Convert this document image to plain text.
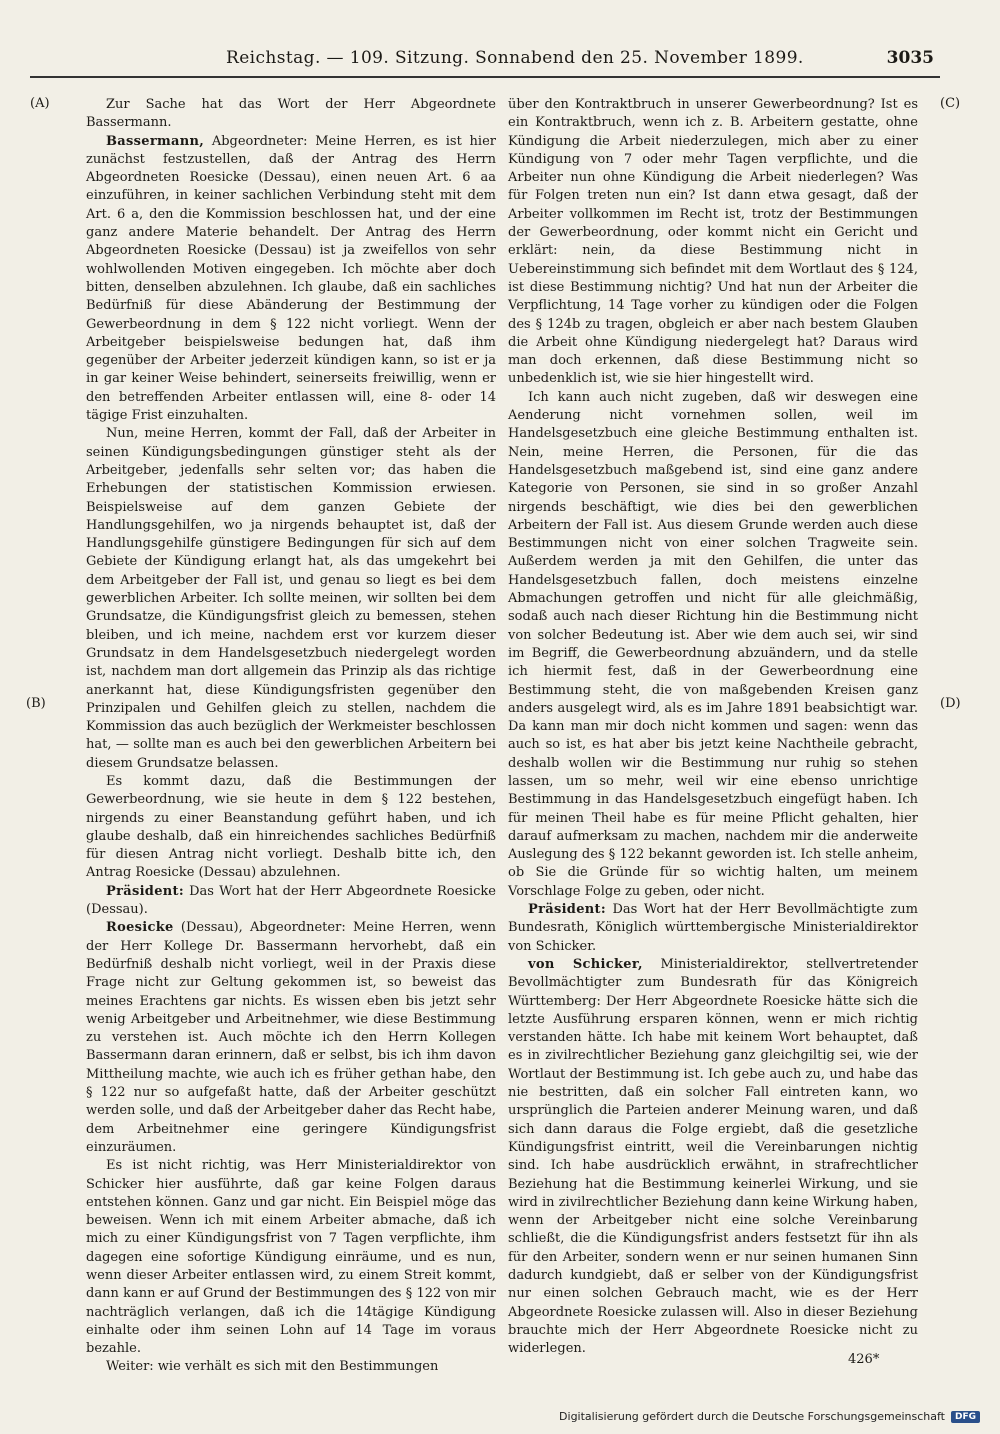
Reichstag. — 109. Sitzung. Sonnabend den 25. November 1899.	3035
(A)
(B)
(C)
(D)

Zur Sache hat das Wort der Herr Abgeordnete Bassermann.

Bassermann, Abgeordneter: Meine Herren, es ist hier zunächst festzustellen, daß der Antrag des Herrn Abgeordneten Roesicke (Dessau), einen neuen Art. 6 aa einzuführen, in keiner sachlichen Verbindung steht mit dem Art. 6 a, den die Kommission beschlossen hat, und der eine ganz andere Materie behandelt. Der Antrag des Herrn Abgeordneten Roesicke (Dessau) ist ja zweifellos von sehr wohlwollenden Motiven eingegeben. Ich möchte aber doch bitten, denselben abzulehnen. Ich glaube, daß ein sachliches Bedürfniß für diese Abänderung der Bestimmung der Gewerbeordnung in dem § 122 nicht vorliegt. Wenn der Arbeitgeber beispielsweise bedungen hat, daß ihm gegenüber der Arbeiter jederzeit kündigen kann, so ist er ja in gar keiner Weise behindert, seinerseits freiwillig, wenn er den betreffenden Arbeiter entlassen will, eine 8- oder 14 tägige Frist einzuhalten.

Nun, meine Herren, kommt der Fall, daß der Arbeiter in seinen Kündigungsbedingungen günstiger steht als der Arbeitgeber, jedenfalls sehr selten vor; das haben die Erhebungen der statistischen Kommission erwiesen. Beispielsweise auf dem ganzen Gebiete der Handlungsgehilfen, wo ja nirgends behauptet ist, daß der Handlungsgehilfe günstigere Bedingungen für sich auf dem Gebiete der Kündigung erlangt hat, als das umgekehrt bei dem Arbeitgeber der Fall ist, und genau so liegt es bei dem gewerblichen Arbeiter. Ich sollte meinen, wir sollten bei dem Grundsatze, die Kündigungsfrist gleich zu bemessen, stehen bleiben, und ich meine, nachdem erst vor kurzem dieser Grundsatz in dem Handelsgesetzbuch niedergelegt worden ist, nachdem man dort allgemein das Prinzip als das richtige anerkannt hat, diese Kündigungsfristen gegenüber den Prinzipalen und Gehilfen gleich zu stellen, nachdem die Kommission das auch bezüglich der Werkmeister beschlossen hat, — sollte man es auch bei den gewerblichen Arbeitern bei diesem Grundsatze belassen.

Es kommt dazu, daß die Bestimmungen der Gewerbeordnung, wie sie heute in dem § 122 bestehen, nirgends zu einer Beanstandung geführt haben, und ich glaube deshalb, daß ein hinreichendes sachliches Bedürfniß für diesen Antrag nicht vorliegt. Deshalb bitte ich, den Antrag Roesicke (Dessau) abzulehnen.

Präsident: Das Wort hat der Herr Abgeordnete Roesicke (Dessau).

Roesicke (Dessau), Abgeordneter: Meine Herren, wenn der Herr Kollege Dr. Bassermann hervorhebt, daß ein Bedürfniß deshalb nicht vorliegt, weil in der Praxis diese Frage nicht zur Geltung gekommen ist, so beweist das meines Erachtens gar nichts. Es wissen eben bis jetzt sehr wenig Arbeitgeber und Arbeitnehmer, wie diese Bestimmung zu verstehen ist. Auch möchte ich den Herrn Kollegen Bassermann daran erinnern, daß er selbst, bis ich ihm davon Mittheilung machte, wie auch ich es früher gethan habe, den § 122 nur so aufgefaßt hatte, daß der Arbeiter geschützt werden solle, und daß der Arbeitgeber daher das Recht habe, dem Arbeitnehmer eine geringere Kündigungsfrist einzuräumen.

Es ist nicht richtig, was Herr Ministerialdirektor von Schicker hier ausführte, daß gar keine Folgen daraus entstehen können. Ganz und gar nicht. Ein Beispiel möge das beweisen. Wenn ich mit einem Arbeiter abmache, daß ich mich zu einer Kündigungsfrist von 7 Tagen verpflichte, ihm dagegen eine sofortige Kündigung einräume, und es nun, wenn dieser Arbeiter entlassen wird, zu einem Streit kommt, dann kann er auf Grund der Bestimmungen des § 122 von mir nachträglich verlangen, daß ich die 14tägige Kündigung einhalte oder ihm seinen Lohn auf 14 Tage im voraus bezahle.

Weiter: wie verhält es sich mit den Bestimmungen

über den Kontraktbruch in unserer Gewerbeordnung? Ist es ein Kontraktbruch, wenn ich z. B. Arbeitern gestatte, ohne Kündigung die Arbeit niederzulegen, mich aber zu einer Kündigung von 7 oder mehr Tagen verpflichte, und die Arbeiter nun ohne Kündigung die Arbeit niederlegen? Was für Folgen treten nun ein? Ist dann etwa gesagt, daß der Arbeiter vollkommen im Recht ist, trotz der Bestimmungen der Gewerbeordnung, oder kommt nicht ein Gericht und erklärt: nein, da diese Bestimmung nicht in Uebereinstimmung sich befindet mit dem Wortlaut des § 124, ist diese Bestimmung nichtig? Und hat nun der Arbeiter die Verpflichtung, 14 Tage vorher zu kündigen oder die Folgen des § 124b zu tragen, obgleich er aber nach bestem Glauben die Arbeit ohne Kündigung niedergelegt hat? Daraus wird man doch erkennen, daß diese Bestimmung nicht so unbedenklich ist, wie sie hier hingestellt wird.

Ich kann auch nicht zugeben, daß wir deswegen eine Aenderung nicht vornehmen sollen, weil im Handelsgesetzbuch eine gleiche Bestimmung enthalten ist. Nein, meine Herren, die Personen, für die das Handelsgesetzbuch maßgebend ist, sind eine ganz andere Kategorie von Personen, sie sind in so großer Anzahl nirgends beschäftigt, wie dies bei den gewerblichen Arbeitern der Fall ist. Aus diesem Grunde werden auch diese Bestimmungen nicht von einer solchen Tragweite sein. Außerdem werden ja mit den Gehilfen, die unter das Handelsgesetzbuch fallen, doch meistens einzelne Abmachungen getroffen und nicht für alle gleichmäßig, sodaß auch nach dieser Richtung hin die Bestimmung nicht von solcher Bedeutung ist. Aber wie dem auch sei, wir sind im Begriff, die Gewerbeordnung abzuändern, und da stelle ich hiermit fest, daß in der Gewerbeordnung eine Bestimmung steht, die von maßgebenden Kreisen ganz anders ausgelegt wird, als es im Jahre 1891 beabsichtigt war. Da kann man mir doch nicht kommen und sagen: wenn das auch so ist, es hat aber bis jetzt keine Nachtheile gebracht, deshalb wollen wir die Bestimmung nur ruhig so stehen lassen, um so mehr, weil wir eine ebenso unrichtige Bestimmung in das Handelsgesetzbuch eingefügt haben. Ich für meinen Theil habe es für meine Pflicht gehalten, hier darauf aufmerksam zu machen, nachdem mir die anderweite Auslegung des § 122 bekannt geworden ist. Ich stelle anheim, ob Sie die Gründe für so wichtig halten, um meinem Vorschlage Folge zu geben, oder nicht.

Präsident: Das Wort hat der Herr Bevollmächtigte zum Bundesrath, Königlich württembergische Ministerialdirektor von Schicker.

von Schicker, Ministerialdirektor, stellvertretender Bevollmächtigter zum Bundesrath für das Königreich Württemberg: Der Herr Abgeordnete Roesicke hätte sich die letzte Ausführung ersparen können, wenn er mich richtig verstanden hätte. Ich habe mit keinem Wort behauptet, daß es in zivilrechtlicher Beziehung ganz gleichgiltig sei, wie der Wortlaut der Bestimmung ist. Ich gebe auch zu, und habe das nie bestritten, daß ein solcher Fall eintreten kann, wo ursprünglich die Parteien anderer Meinung waren, und daß sich dann daraus die Folge ergiebt, daß die gesetzliche Kündigungsfrist eintritt, weil die Vereinbarungen nichtig sind. Ich habe ausdrücklich erwähnt, in strafrechtlicher Beziehung hat die Bestimmung keinerlei Wirkung, und sie wird in zivilrechtlicher Beziehung dann keine Wirkung haben, wenn der Arbeitgeber nicht eine solche Vereinbarung schließt, die die Kündigungsfrist anders festsetzt für ihn als für den Arbeiter, sondern wenn er nur seinen humanen Sinn dadurch kundgiebt, daß er selber von der Kündigungsfrist nur einen solchen Gebrauch macht, wie es der Herr Abgeordnete Roesicke zulassen will. Also in dieser Beziehung brauchte mich der Herr Abgeordnete Roesicke nicht zu widerlegen.

426*
Digitalisierung gefördert durch die Deutsche Forschungsgemeinschaft	DFG
